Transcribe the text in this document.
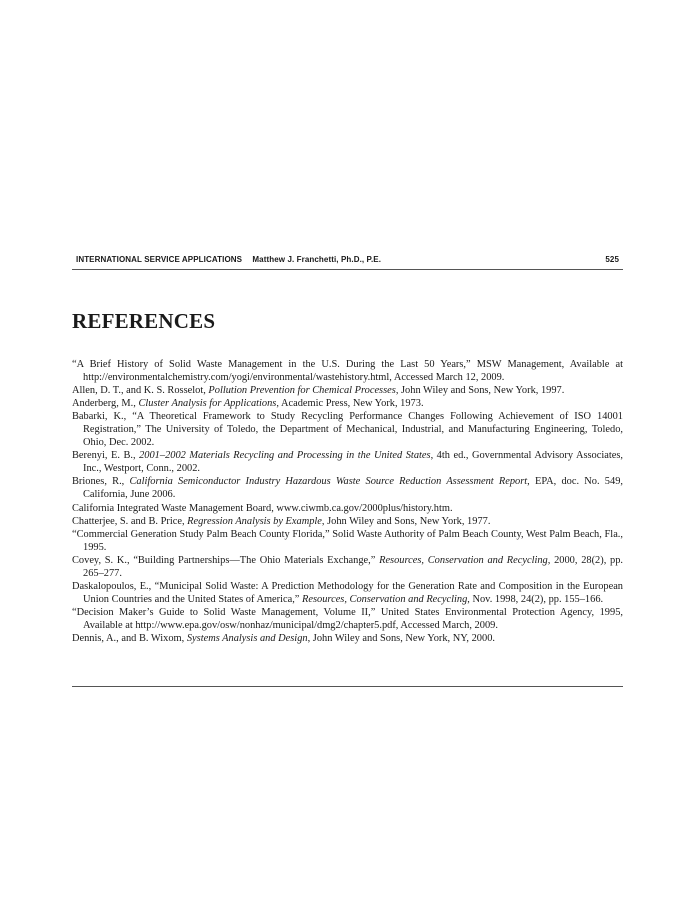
INTERNATIONAL SERVICE APPLICATIONS Matthew J. Franchetti, Ph.D., P.E.	525
REFERENCES
“A Brief History of Solid Waste Management in the U.S. During the Last 50 Years,” MSW Management, Available at http://environmentalchemistry.com/yogi/environmental/wastehistory.html, Accessed March 12, 2009.
Allen, D. T., and K. S. Rosselot, Pollution Prevention for Chemical Processes, John Wiley and Sons, New York, 1997.
Anderberg, M., Cluster Analysis for Applications, Academic Press, New York, 1973.
Babarki, K., “A Theoretical Framework to Study Recycling Performance Changes Following Achievement of ISO 14001 Registration,” The University of Toledo, the Department of Mechanical, Industrial, and Manufacturing Engineering, Toledo, Ohio, Dec. 2002.
Berenyi, E. B., 2001–2002 Materials Recycling and Processing in the United States, 4th ed., Governmental Advisory Associates, Inc., Westport, Conn., 2002.
Briones, R., California Semiconductor Industry Hazardous Waste Source Reduction Assessment Report, EPA, doc. No. 549, California, June 2006.
California Integrated Waste Management Board, www.ciwmb.ca.gov/2000plus/history.htm.
Chatterjee, S. and B. Price, Regression Analysis by Example, John Wiley and Sons, New York, 1977.
“Commercial Generation Study Palm Beach County Florida,” Solid Waste Authority of Palm Beach County, West Palm Beach, Fla., 1995.
Covey, S. K., “Building Partnerships—The Ohio Materials Exchange,” Resources, Conservation and Recycling, 2000, 28(2), pp. 265–277.
Daskalopoulos, E., “Municipal Solid Waste: A Prediction Methodology for the Generation Rate and Composition in the European Union Countries and the United States of America,” Resources, Conservation and Recycling, Nov. 1998, 24(2), pp. 155–166.
“Decision Maker’s Guide to Solid Waste Management, Volume II,” United States Environmental Protection Agency, 1995, Available at http://www.epa.gov/osw/nonhaz/municipal/dmg2/chapter5.pdf, Accessed March, 2009.
Dennis, A., and B. Wixom, Systems Analysis and Design, John Wiley and Sons, New York, NY, 2000.
